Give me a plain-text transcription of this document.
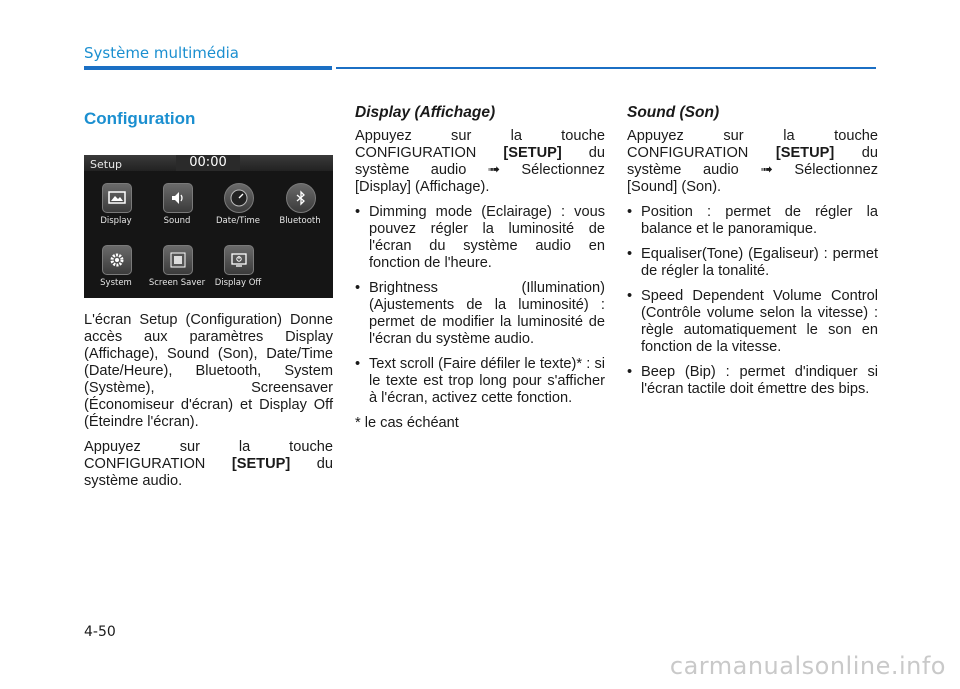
Système multimédia
Configuration
Setup	00:00
Display	Sound	Date/Time	Bluetooth
System	Screen Saver	Display Off

L'écran Setup (Configuration) Donne accès aux paramètres Display (Affichage), Sound (Son), Date/Time (Date/Heure), Bluetooth, System (Système), Screensaver (Économiseur d'écran) et Display Off (Éteindre l'écran).

Appuyez sur la touche CONFIGURATION [SETUP] du système audio.

Display (Affichage)

Appuyez sur la touche CONFIGURATION [SETUP] du système audio ➟ Sélectionnez [Display] (Affichage).

• Dimming mode (Eclairage) : vous pouvez régler la luminosité de l'écran du système audio en fonction de l'heure.
• Brightness (Illumination) (Ajustements de la luminosité) : permet de modifier la luminosité de l'écran du système audio.
• Text scroll (Faire défiler le texte)* : si le texte est trop long pour s'afficher à l'écran, activez cette fonction.

* le cas échéant

Sound (Son)

Appuyez sur la touche CONFIGURATION [SETUP] du système audio ➟ Sélectionnez [Sound] (Son).

• Position : permet de régler la balance et le panoramique.
• Equaliser(Tone) (Egaliseur) : permet de régler la tonalité.
• Speed Dependent Volume Control (Contrôle volume selon la vitesse) : règle automatiquement le son en fonction de la vitesse.
• Beep (Bip) : permet d'indiquer si l'écran tactile doit émettre des bips.
4-50
carmanualsonline.info
